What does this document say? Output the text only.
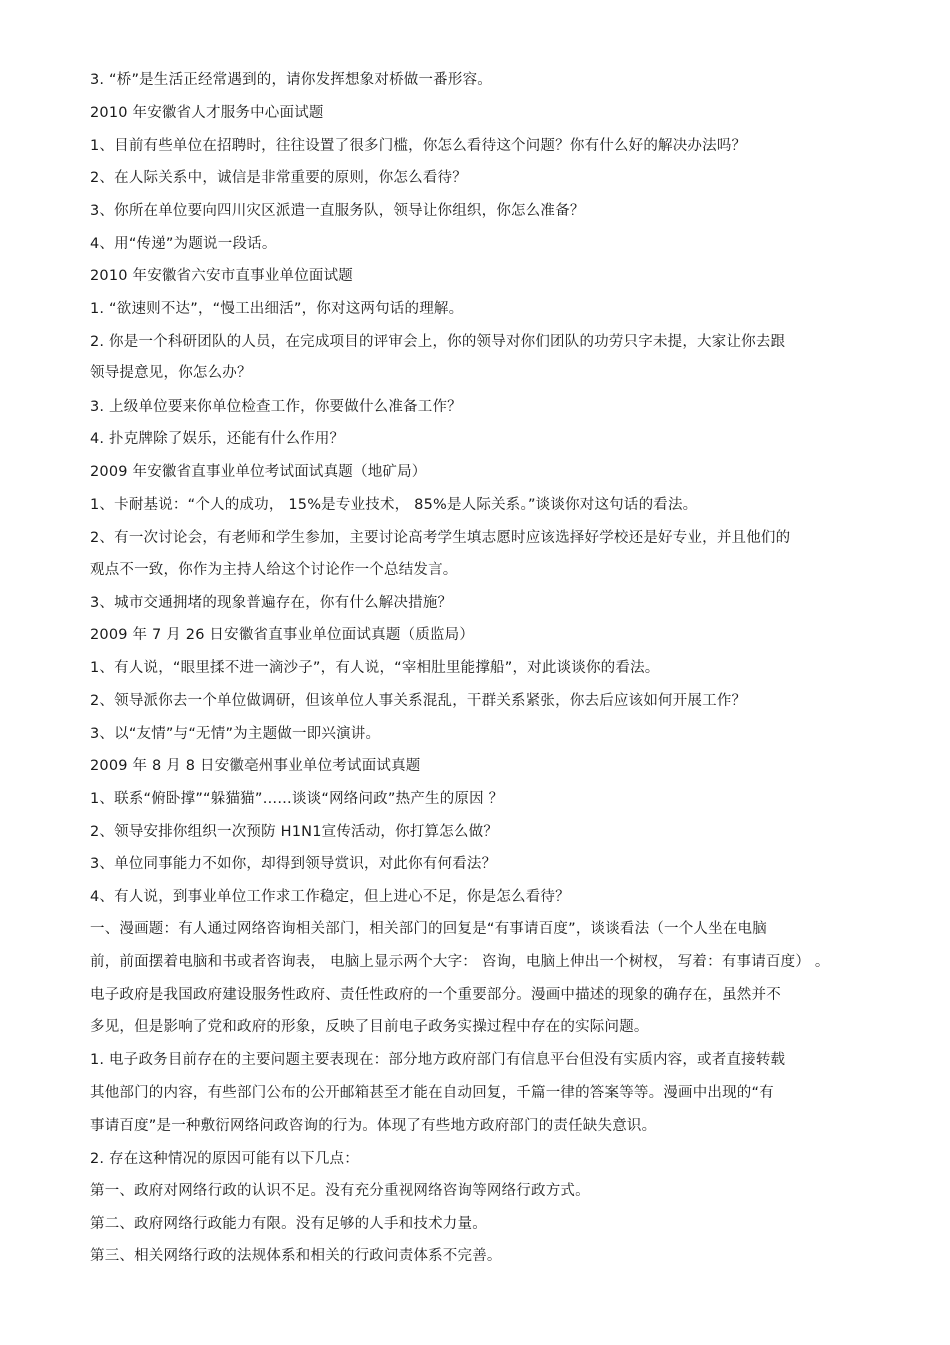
3. “桥”是生活正经常遇到的，请你发挥想象对桥做一番形容。
2010 年安徽省人才服务中心面试题
1、目前有些单位在招聘时，往往设置了很多门槛，你怎么看待这个问题？你有什么好的解决办法吗？
2、在人际关系中，诚信是非常重要的原则，你怎么看待？
3、你所在单位要向四川灾区派遣一直服务队，领导让你组织，你怎么准备？
4、用“传递”为题说一段话。
2010 年安徽省六安市直事业单位面试题
1. “欲速则不达”，“慢工出细活”，你对这两句话的理解。
2. 你是一个科研团队的人员，在完成项目的评审会上，你的领导对你们团队的功劳只字未提，大家让你去跟
领导提意见，你怎么办？
3. 上级单位要来你单位检查工作，你要做什么准备工作？
4. 扑克牌除了娱乐，还能有什么作用？
2009 年安徽省直事业单位考试面试真题（地矿局）
1、卡耐基说：“个人的成功， 15%是专业技术， 85%是人际关系。”谈谈你对这句话的看法。
2、有一次讨论会，有老师和学生参加，主要讨论高考学生填志愿时应该选择好学校还是好专业，并且他们的
观点不一致，你作为主持人给这个讨论作一个总结发言。
3、城市交通拥堵的现象普遍存在，你有什么解决措施？
2009 年 7 月 26 日安徽省直事业单位面试真题（质监局）
1、有人说，“眼里揉不进一滴沙子”，有人说，“宰相肚里能撑船”，对此谈谈你的看法。
2、领导派你去一个单位做调研，但该单位人事关系混乱，干群关系紧张，你去后应该如何开展工作？
3、以“友情”与“无情”为主题做一即兴演讲。
2009 年 8 月 8 日安徽亳州事业单位考试面试真题
1、联系“俯卧撑”“躲猫猫”……谈谈“网络问政”热产生的原因 ？
2、领导安排你组织一次预防 H1N1宣传活动，你打算怎么做？
3、单位同事能力不如你，却得到领导赏识，对此你有何看法？
4、有人说，到事业单位工作求工作稳定，但上进心不足，你是怎么看待？
一、漫画题：有人通过网络咨询相关部门，相关部门的回复是“有事请百度”，谈谈看法（一个人坐在电脑
前，前面摆着电脑和书或者咨询表， 电脑上显示两个大字： 咨询，电脑上伸出一个树杈， 写着：有事请百度） 。
电子政府是我国政府建设服务性政府、责任性政府的一个重要部分。漫画中描述的现象的确存在，虽然并不
多见，但是影响了党和政府的形象，反映了目前电子政务实操过程中存在的实际问题。
1. 电子政务目前存在的主要问题主要表现在：部分地方政府部门有信息平台但没有实质内容，或者直接转载
其他部门的内容，有些部门公布的公开邮箱甚至才能在自动回复，千篇一律的答案等等。漫画中出现的“有
事请百度”是一种敷衍网络问政咨询的行为。体现了有些地方政府部门的责任缺失意识。
2. 存在这种情况的原因可能有以下几点：
第一、政府对网络行政的认识不足。没有充分重视网络咨询等网络行政方式。
第二、政府网络行政能力有限。没有足够的人手和技术力量。
第三、相关网络行政的法规体系和相关的行政问责体系不完善。
